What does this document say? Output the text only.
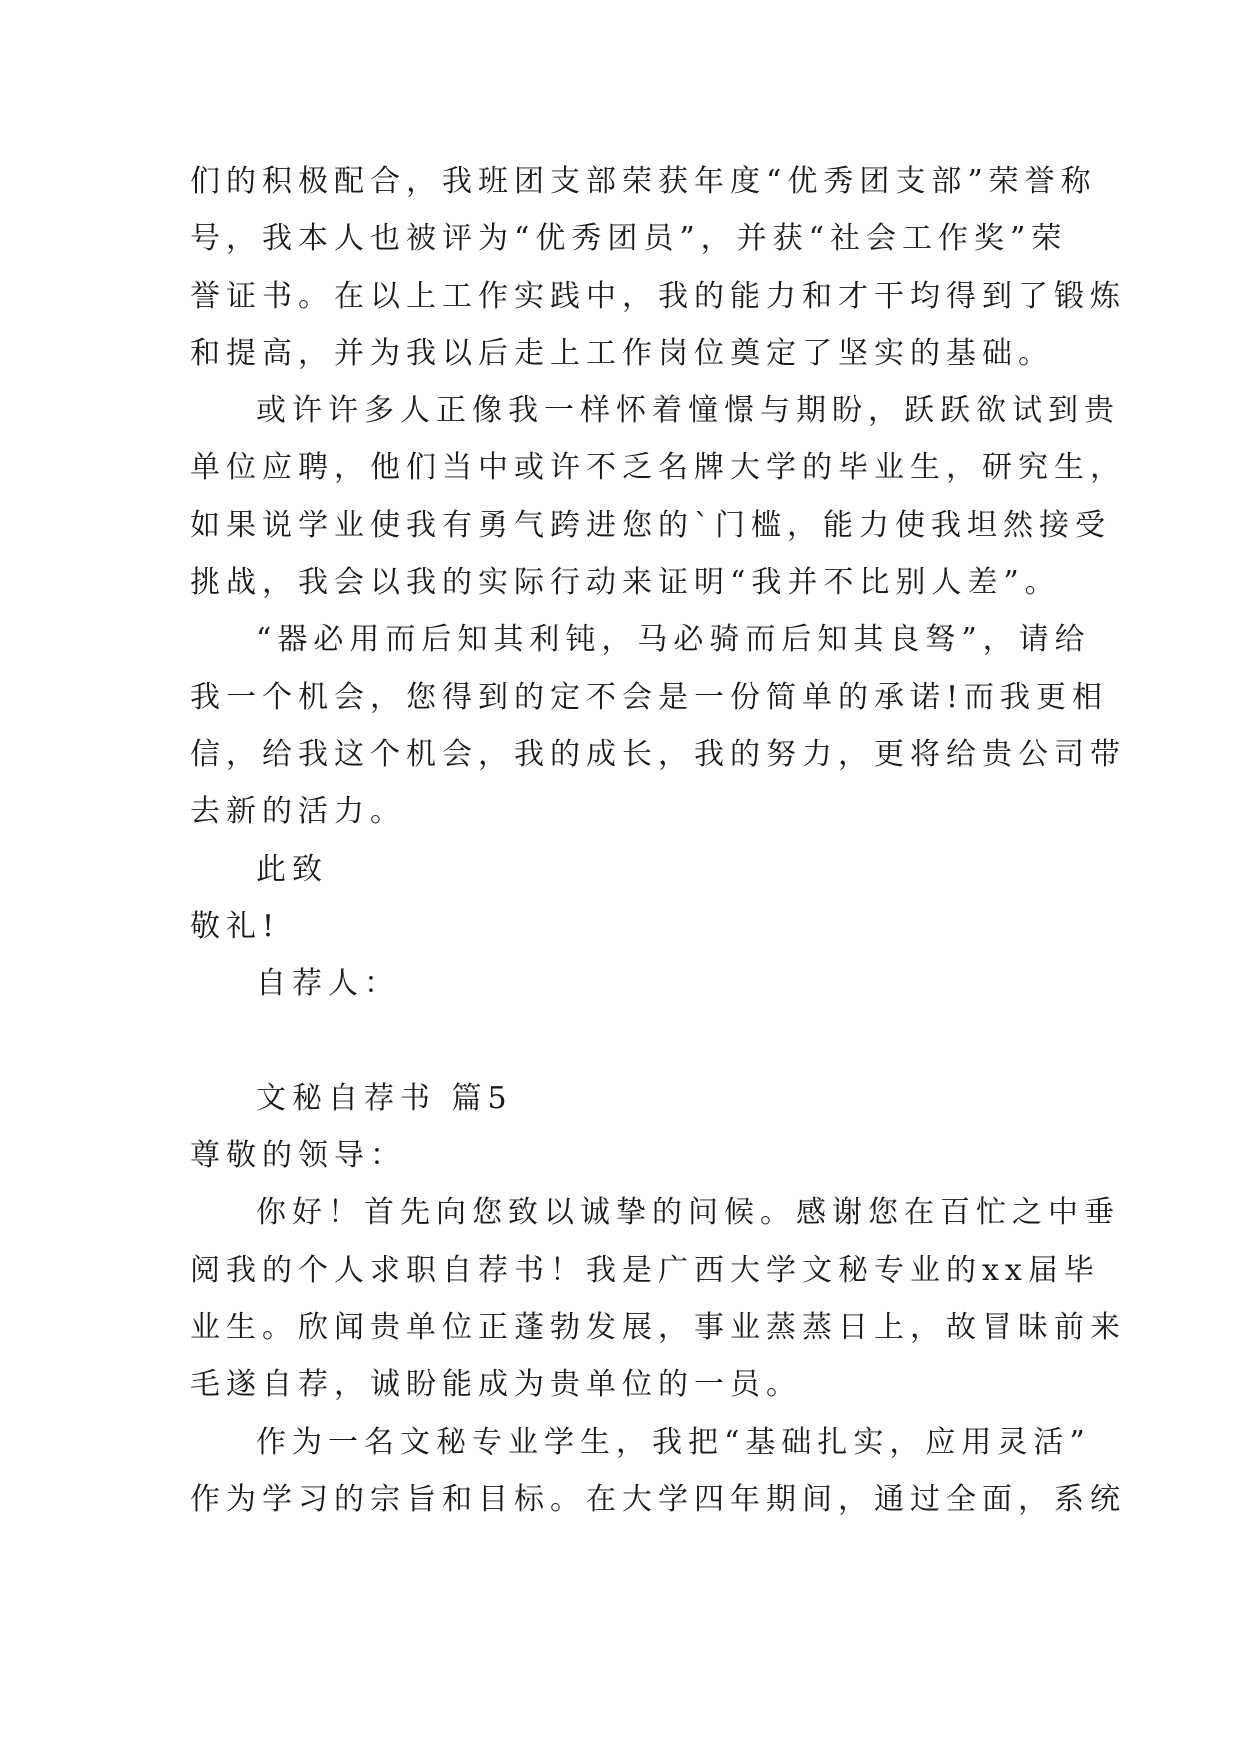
们的积极配合，我班团支部荣获年度“优秀团支部”荣誉称
号，我本人也被评为“优秀团员”，并获“社会工作奖”荣
誉证书。在以上工作实践中，我的能力和才干均得到了锻炼
和提高，并为我以后走上工作岗位奠定了坚实的基础。
或许许多人正像我一样怀着憧憬与期盼，跃跃欲试到贵
单位应聘，他们当中或许不乏名牌大学的毕业生，研究生，
如果说学业使我有勇气跨进您的`门槛，能力使我坦然接受
挑战，我会以我的实际行动来证明“我并不比别人差”。
“器必用而后知其利钝，马必骑而后知其良驽”，请给
我一个机会，您得到的定不会是一份简单的承诺!而我更相
信，给我这个机会，我的成长，我的努力，更将给贵公司带
去新的活力。
此致
敬礼!
自荐人：
文秘自荐书 篇5
尊敬的领导：
你好！首先向您致以诚挚的问候。感谢您在百忙之中垂
阅我的个人求职自荐书！我是广西大学文秘专业的xx届毕
业生。欣闻贵单位正蓬勃发展，事业蒸蒸日上，故冒昧前来
毛遂自荐，诚盼能成为贵单位的一员。
作为一名文秘专业学生，我把“基础扎实，应用灵活”
作为学习的宗旨和目标。在大学四年期间，通过全面，系统
